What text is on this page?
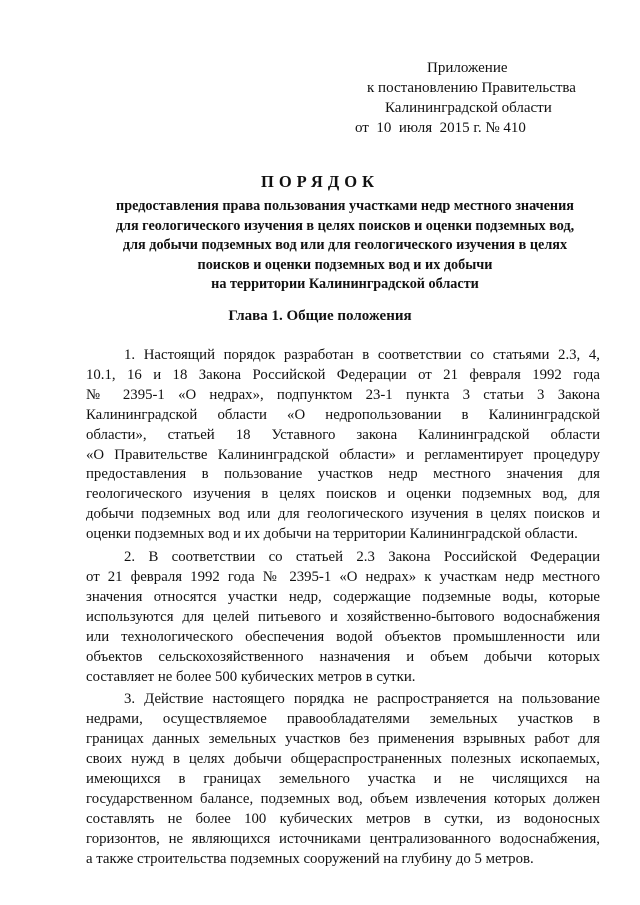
Приложение
к постановлению Правительства
Калининградской области
от  10  июля  2015 г. № 410
ПОРЯДОК
предоставления права пользования участками недр местного значения
для геологического изучения в целях поисков и оценки подземных вод,
для добычи подземных вод или для геологического изучения в целях
поисков и оценки подземных вод и их добычи
на территории Калининградской области
Глава 1. Общие положения
1. Настоящий порядок разработан в соответствии со статьями 2.3, 4,
10.1, 16 и 18 Закона Российской Федерации от 21 февраля 1992 года
№ 2395-1 «О недрах», подпунктом 23-1 пункта 3 статьи 3 Закона
Калининградской области «О недропользовании в Калининградской
области», статьей 18 Уставного закона Калининградской области
«О Правительстве Калининградской области» и регламентирует процедуру
предоставления в пользование участков недр местного значения для
геологического изучения в целях поисков и оценки подземных вод, для
добычи подземных вод или для геологического изучения в целях поисков и
оценки подземных вод и их добычи на территории Калининградской области.
2. В соответствии со статьей 2.3 Закона Российской Федерации
от 21 февраля 1992 года № 2395-1 «О недрах» к участкам недр местного
значения относятся участки недр, содержащие подземные воды, которые
используются для целей питьевого и хозяйственно-бытового водоснабжения
или технологического обеспечения водой объектов промышленности или
объектов сельскохозяйственного назначения и объем добычи которых
составляет не более 500 кубических метров в сутки.
3. Действие настоящего порядка не распространяется на пользование
недрами, осуществляемое правообладателями земельных участков в
границах данных земельных участков без применения взрывных работ для
своих нужд в целях добычи общераспространенных полезных ископаемых,
имеющихся в границах земельного участка и не числящихся на
государственном балансе, подземных вод, объем извлечения которых должен
составлять не более 100 кубических метров в сутки, из водоносных
горизонтов, не являющихся источниками централизованного водоснабжения,
а также строительства подземных сооружений на глубину до 5 метров.
